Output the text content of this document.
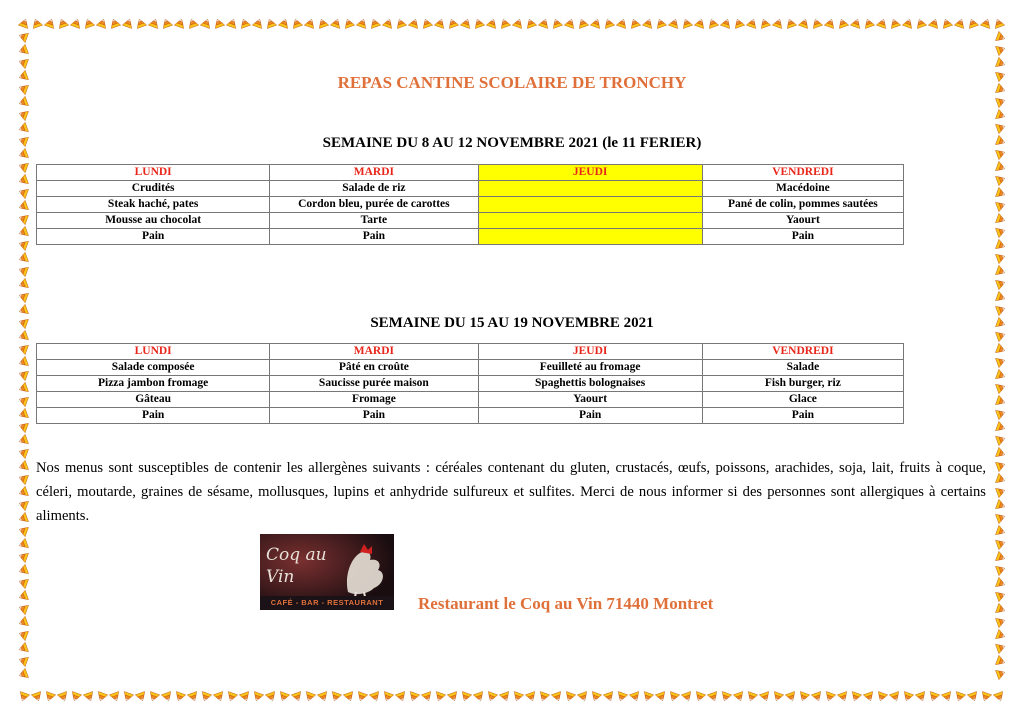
REPAS CANTINE SCOLAIRE DE TRONCHY
SEMAINE DU 8 AU 12 NOVEMBRE 2021 (le 11 FERIER)
LUNDI	MARDI	JEUDI	VENDREDI
Crudités	Salade de riz		Macédoine
Steak haché, pates	Cordon bleu, purée de carottes		Pané de colin, pommes sautées
Mousse au chocolat	Tarte		Yaourt
Pain	Pain		Pain
SEMAINE DU 15 AU 19 NOVEMBRE 2021
LUNDI	MARDI	JEUDI	VENDREDI
Salade composée	Pâté en croûte	Feuilleté au fromage	Salade
Pizza jambon fromage	Saucisse purée maison	Spaghettis bolognaises	Fish burger, riz
Gâteau	Fromage	Yaourt	Glace
Pain	Pain	Pain	Pain
Nos menus sont susceptibles de contenir les allergènes suivants : céréales contenant du gluten, crustacés, œufs, poissons, arachides, soja, lait, fruits à coque, céleri, moutarde, graines de sésame, mollusques, lupins et anhydride sulfureux et sulfites. Merci de nous informer si des personnes sont allergiques à certains aliments.
Coq au Vin
CAFÉ - BAR - RESTAURANT	Restaurant le Coq au Vin 71440 Montret
